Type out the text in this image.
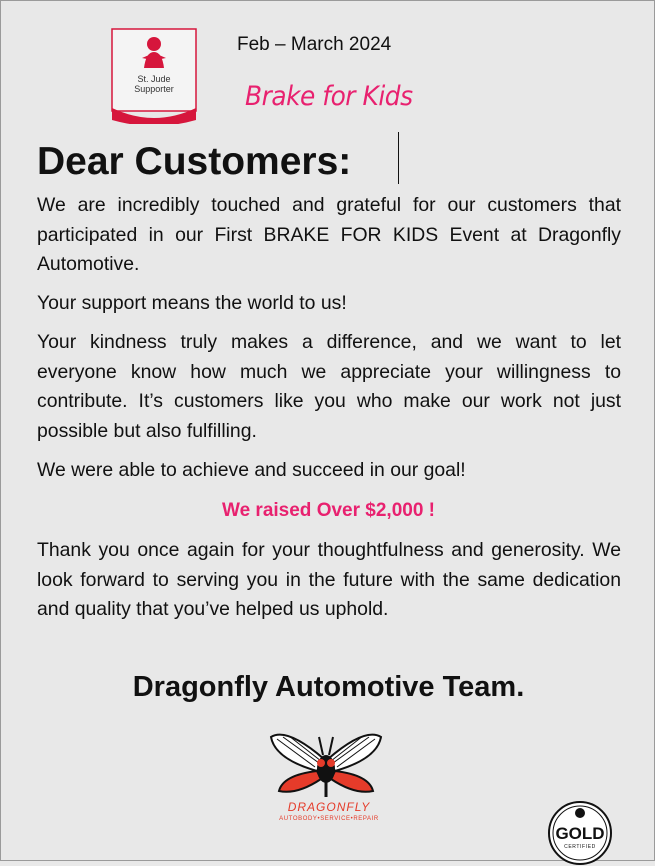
St. Jude
Supporter
Feb – March 2024
Brake for Kids
Dear Customers:

We are incredibly touched and grateful for our customers that participated in our First BRAKE FOR KIDS Event at Dragonfly Automotive.

Your support means the world to us!

Your kindness truly makes a difference, and we want to let everyone know how much we appreciate your willingness to contribute. It’s customers like you who make our work not just possible but also fulfilling.

We were able to achieve and succeed in our goal!

We raised Over $2,000 !

Thank you once again for your thoughtfulness and generosity. We look forward to serving you in the future with the same dedication and quality that you’ve helped us uphold.

Dragonfly Automotive Team.
DRAGONFLY
AUTOBODY•SERVICE•REPAIR
GOLD
CERTIFIED
